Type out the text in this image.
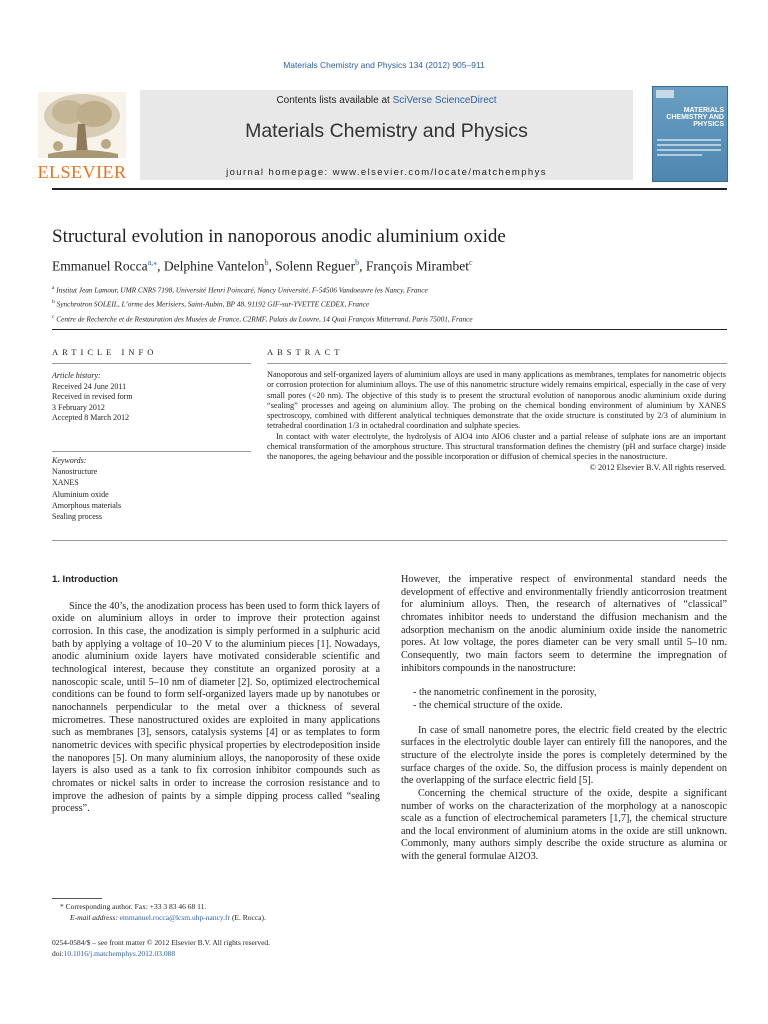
Materials Chemistry and Physics 134 (2012) 905–911
ELSEVIER
Contents lists available at SciVerse ScienceDirect
Materials Chemistry and Physics
journal homepage: www.elsevier.com/locate/matchemphys
MATERIALS
CHEMISTRY AND
PHYSICS
Structural evolution in nanoporous anodic aluminium oxide
Emmanuel Rocca$^{a,⁎}$, Delphine Vantelon$^b$, Solenn Reguer$^b$, François Mirambet$^c$
$^a$ Institut Jean Lamour, UMR CNRS 7198, Université Henri Poincaré, Nancy Université, F-54506 Vandoeuvre les Nancy, France
$^b$ Synchrotron SOLEIL, L’orme des Merisiers, Saint-Aubin, BP 48, 91192 GIF-sur-YVETTE CEDEX, France
$^c$ Centre de Recherche et de Restauration des Musées de France, C2RMF, Palais du Louvre, 14 Quai François Mitterrand, Paris 75001, France
ARTICLE INFO	ABSTRACT
Article history:
Received 24 June 2011
Received in revised form
3 February 2012
Accepted 8 March 2012
Keywords:
Nanostructure
XANES
Aluminium oxide
Amorphous materials
Sealing process

Nanoporous and self-organized layers of aluminium alloys are used in many applications as membranes, templates for nanometric objects or corrosion protection for aluminium alloys. The use of this nanometric structure widely remains empirical, especially in the case of very small pores (<20 nm). The objective of this study is to present the structural evolution of nanoporous anodic aluminium oxide during “sealing” processes and ageing on aluminium alloy. The probing on the chemical bonding environment of aluminium by XANES spectroscopy, combined with different analytical techniques demonstrate that the oxide structure is constituted by 2/3 of aluminium in tetrahedral coordination 1/3 in octahedral coordination and sulphate species.

In contact with water electrolyte, the hydrolysis of AlO4 into AlO6 cluster and a partial release of sulphate ions are an important chemical transformation of the amorphous structure. This structural transformation defines the chemistry (pH and surface charge) inside the nanopores, the ageing behaviour and the possible incorporation or diffusion of chemical species in the nanostructure.

© 2012 Elsevier B.V. All rights reserved.

1. Introduction

Since the 40’s, the anodization process has been used to form thick layers of oxide on aluminium alloys in order to improve their protection against corrosion. In this case, the anodization is simply performed in a sulphuric acid bath by applying a voltage of 10–20 V to the aluminium pieces [1]. Nowadays, anodic aluminium oxide layers have motivated considerable scientific and technological interest, because they constitute an organized porosity at a nanoscopic scale, until 5–10 nm of diameter [2]. So, optimized electrochemical conditions can be found to form self-organized layers made up by nanotubes or nanochannels perpendicular to the metal over a thickness of several micrometres. These nanostructured oxides are exploited in many applications such as membranes [3], sensors, catalysis systems [4] or as templates to form nanometric devices with specific physical properties by electrodeposition inside the nanopores [5]. On many aluminium alloys, the nanoporosity of these oxide layers is also used as a tank to fix corrosion inhibitor compounds such as chromates or nickel salts in order to increase the corrosion resistance and to improve the adhesion of paints by a simple dipping process called “sealing process”.

However, the imperative respect of environmental standard needs the development of effective and environmentally friendly anticorrosion treatment for aluminium alloys. Then, the research of alternatives of “classical” chromates inhibitor needs to understand the diffusion mechanism and the adsorption mechanism on the anodic aluminium oxide inside the nanometric pores. At low voltage, the pores diameter can be very small until 5–10 nm. Consequently, two main factors seem to determine the impregnation of inhibitors compounds in the nanostructure:

- the nanometric confinement in the porosity,
- the chemical structure of the oxide.

In case of small nanometre pores, the electric field created by the electric surfaces in the electrolytic double layer can entirely fill the nanopores, and the structure of the electrolyte inside the pores is completely determined by the surface charges of the oxide. So, the diffusion process is mainly dependent on the overlapping of the surface electric field [5].

Concerning the chemical structure of the oxide, despite a significant number of works on the characterization of the morphology at a nanoscopic scale as a function of electrochemical parameters [1,7], the chemical structure and the local environment of aluminium atoms in the oxide are still unknown. Commonly, many authors simply describe the oxide structure as alumina or with the general formulae Al2O3.

* Corresponding author. Fax: +33 3 83 46 68 11.
E-mail address: emmanuel.rocca@lcsm.uhp-nancy.fr (E. Rocca).
0254-0584/$ – see front matter © 2012 Elsevier B.V. All rights reserved.
doi:10.1016/j.matchemphys.2012.03.088
